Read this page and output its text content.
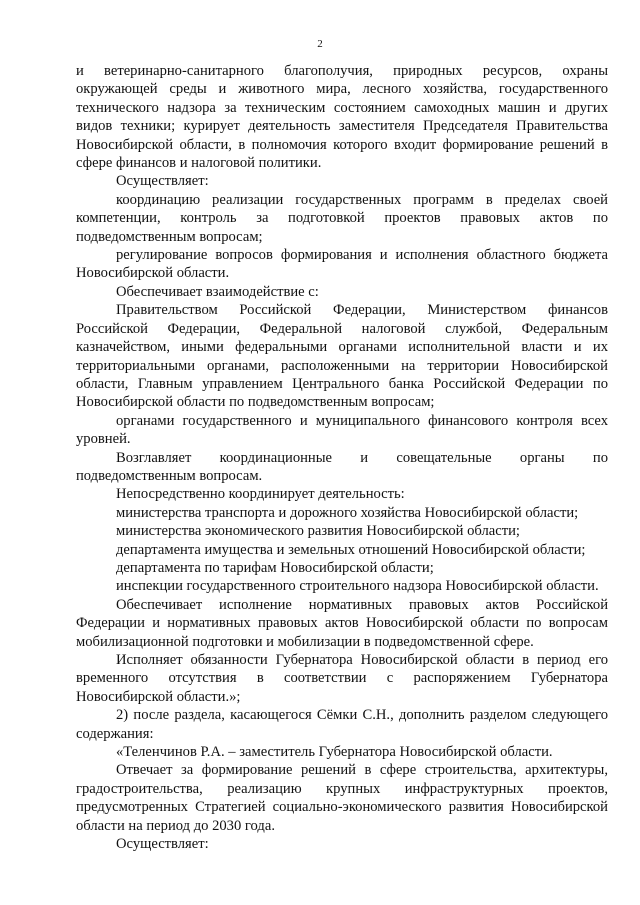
2

и ветеринарно-санитарного благополучия, природных ресурсов, охраны окружающей среды и животного мира, лесного хозяйства, государственного технического надзора за техническим состоянием самоходных машин и других видов техники; курирует деятельность заместителя Председателя Правительства Новосибирской области, в полномочия которого входит формирование решений в сфере финансов и налоговой политики.

Осуществляет:

координацию реализации государственных программ в пределах своей компетенции, контроль за подготовкой проектов правовых актов по подведомственным вопросам;

регулирование вопросов формирования и исполнения областного бюджета Новосибирской области.

Обеспечивает взаимодействие с:

Правительством Российской Федерации, Министерством финансов Российской Федерации, Федеральной налоговой службой, Федеральным казначейством, иными федеральными органами исполнительной власти и их территориальными органами, расположенными на территории Новосибирской области, Главным управлением Центрального банка Российской Федерации по Новосибирской области по подведомственным вопросам;

органами государственного и муниципального финансового контроля всех уровней.

Возглавляет координационные и совещательные органы по подведомственным вопросам.

Непосредственно координирует деятельность:

министерства транспорта и дорожного хозяйства Новосибирской области;

министерства экономического развития Новосибирской области;

департамента имущества и земельных отношений Новосибирской области;

департамента по тарифам Новосибирской области;

инспекции государственного строительного надзора Новосибирской области.

Обеспечивает исполнение нормативных правовых актов Российской Федерации и нормативных правовых актов Новосибирской области по вопросам мобилизационной подготовки и мобилизации в подведомственной сфере.

Исполняет обязанности Губернатора Новосибирской области в период его временного отсутствия в соответствии с распоряжением Губернатора Новосибирской области.»;

2) после раздела, касающегося Сёмки С.Н., дополнить разделом следующего содержания:

«Теленчинов Р.А. – заместитель Губернатора Новосибирской области.

Отвечает за формирование решений в сфере строительства, архитектуры, градостроительства, реализацию крупных инфраструктурных проектов, предусмотренных Стратегией социально-экономического развития Новосибирской области на период до 2030 года.

Осуществляет:
